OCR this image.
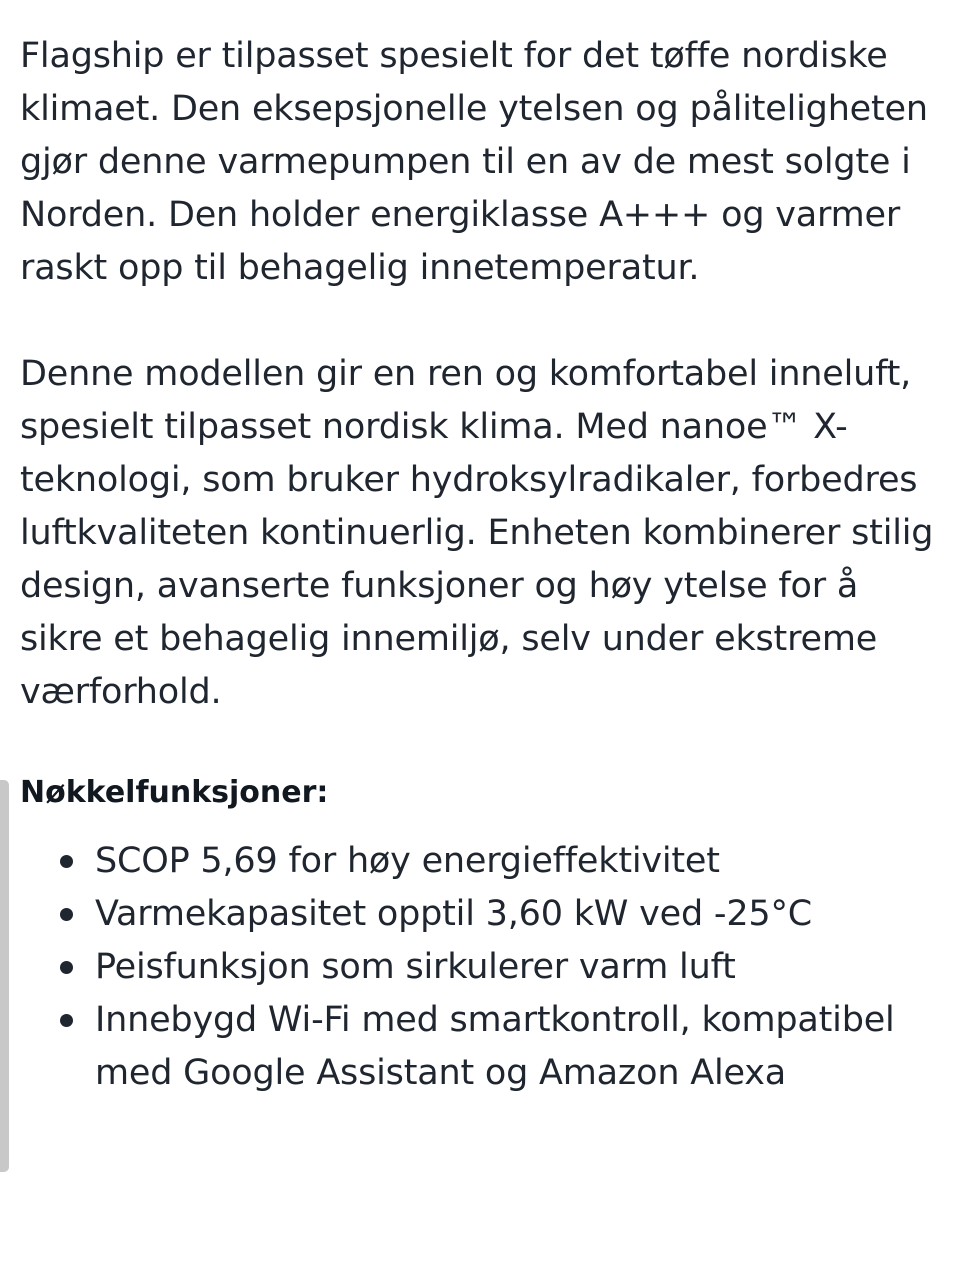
Flagship er tilpasset spesielt for det tøffe nordiske klimaet. Den eksepsjonelle ytelsen og påliteligheten gjør denne varmepumpen til en av de mest solgte i Norden. Den holder energiklasse A+++ og varmer raskt opp til behagelig innetemperatur.

Denne modellen gir en ren og komfortabel inneluft, spesielt tilpasset nordisk klima. Med nanoe™ X-teknologi, som bruker hydroksylradikaler, forbedres luftkvaliteten kontinuerlig. Enheten kombinerer stilig design, avanserte funksjoner og høy ytelse for å sikre et behagelig innemiljø, selv under ekstreme værforhold.

Nøkkelfunksjoner:
SCOP 5,69 for høy energieffektivitet
Varmekapasitet opptil 3,60 kW ved -25°C
Peisfunksjon som sirkulerer varm luft
Innebygd Wi-Fi med smartkontroll, kompatibel med Google Assistant og Amazon Alexa
